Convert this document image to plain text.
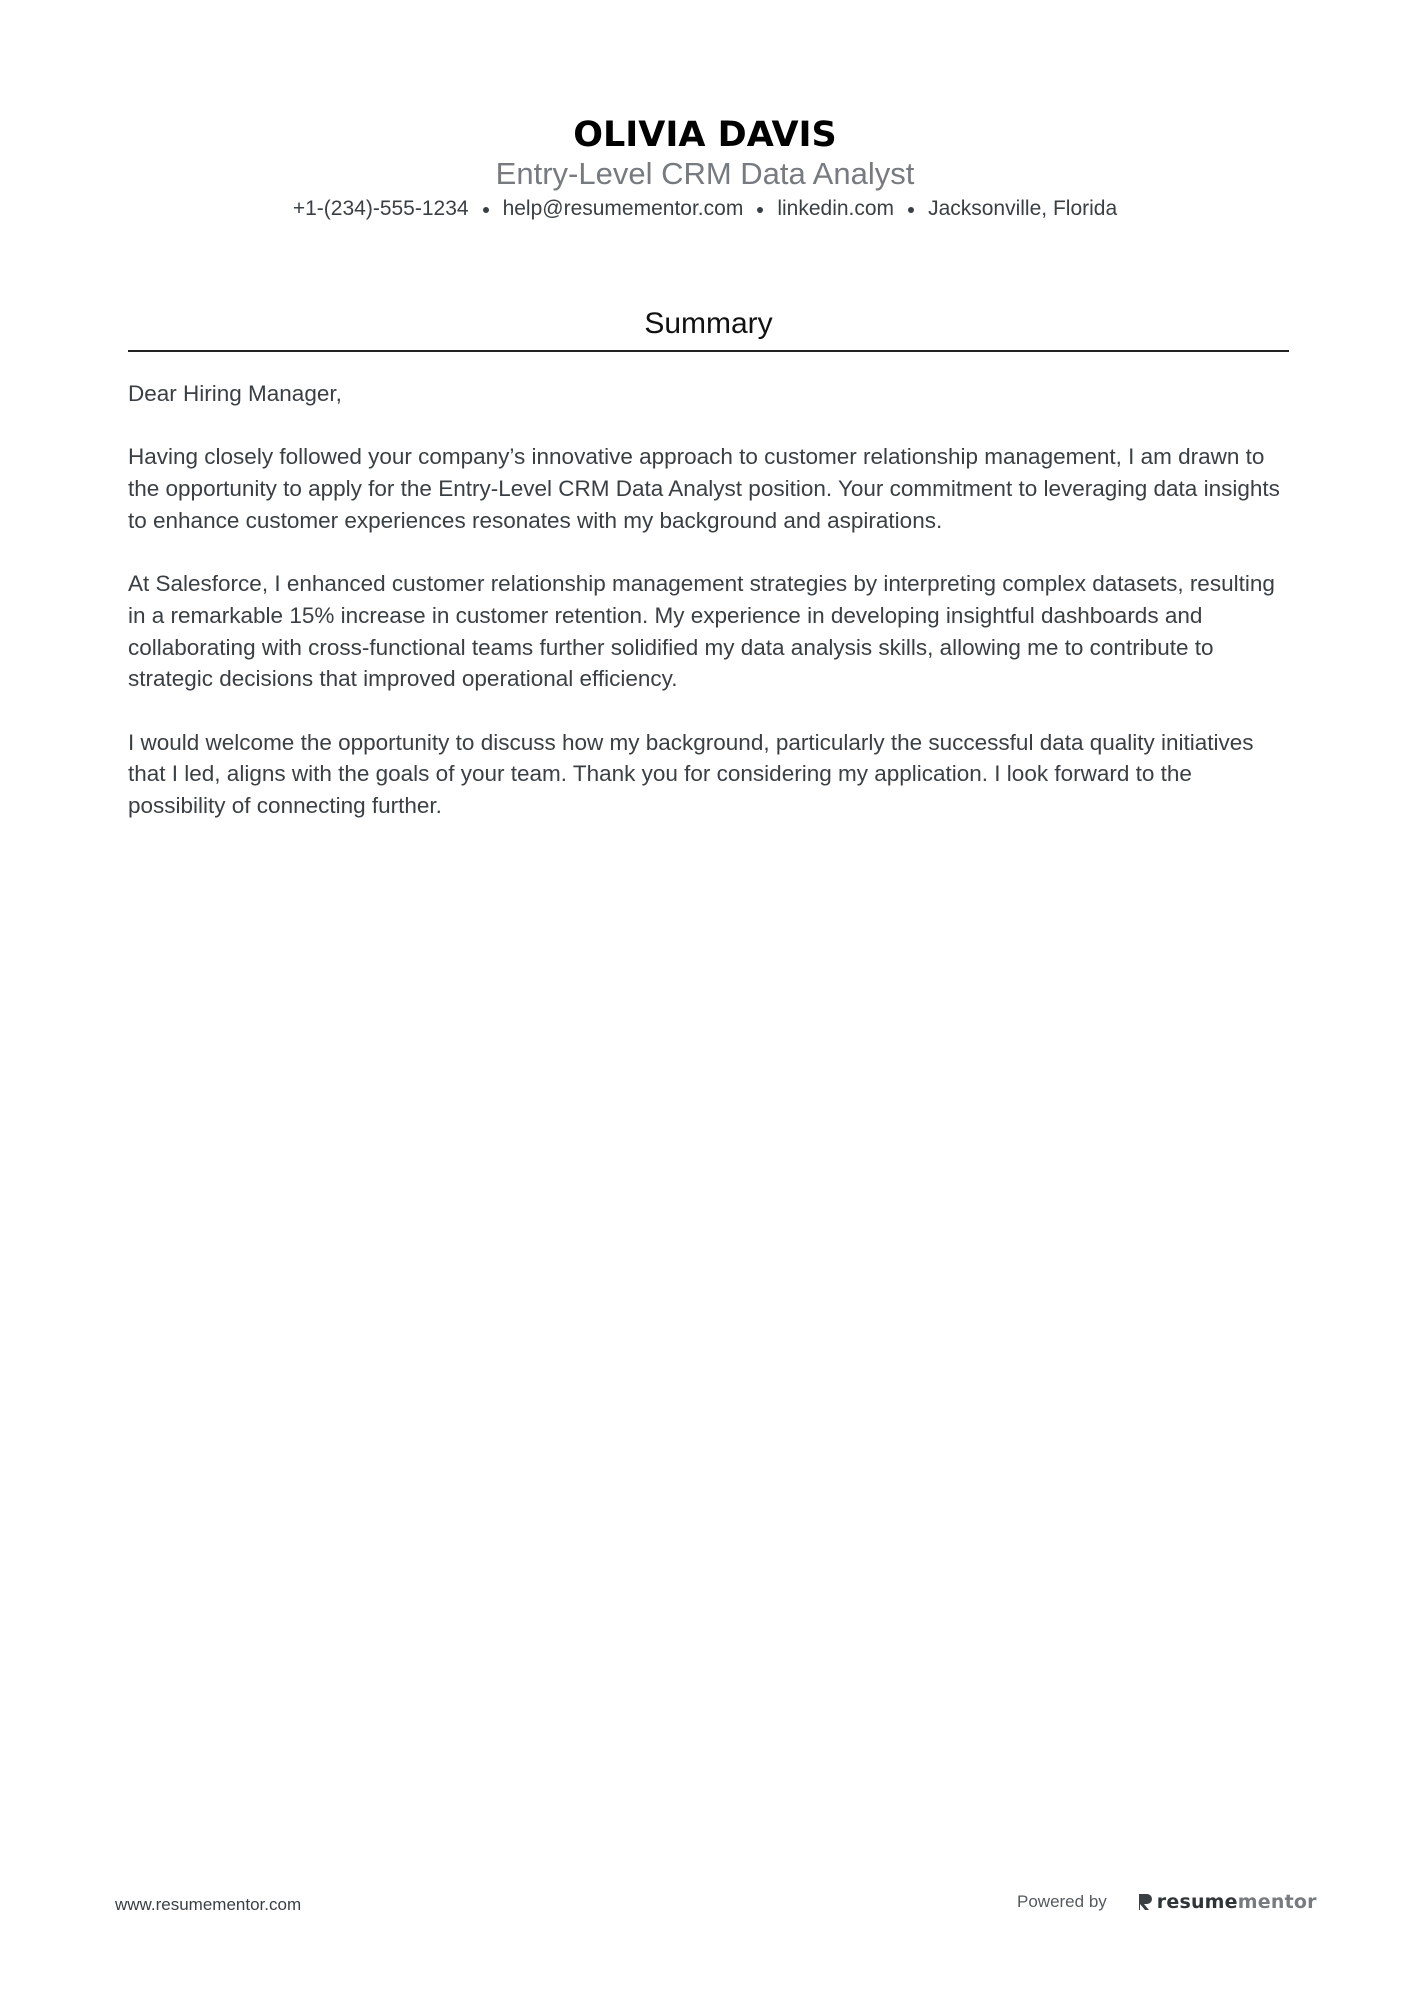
OLIVIA DAVIS
Entry-Level CRM Data Analyst
+1-(234)-555-1234 help@resumementor.com linkedin.com Jacksonville, Florida
Summary

Dear Hiring Manager,

Having closely followed your company’s innovative approach to customer relationship management, I am drawn to the opportunity to apply for the Entry-Level CRM Data Analyst position. Your commitment to leveraging data insights to enhance customer experiences resonates with my background and aspirations.

At Salesforce, I enhanced customer relationship management strategies by interpreting complex datasets, resulting in a remarkable 15% increase in customer retention. My experience in developing insightful dashboards and collaborating with cross-functional teams further solidified my data analysis skills, allowing me to contribute to strategic decisions that improved operational efficiency.

I would welcome the opportunity to discuss how my background, particularly the successful data quality initiatives that I led, aligns with the goals of your team. Thank you for considering my application. I look forward to the possibility of connecting further.

www.resumementor.com	Powered by	resume mentor
